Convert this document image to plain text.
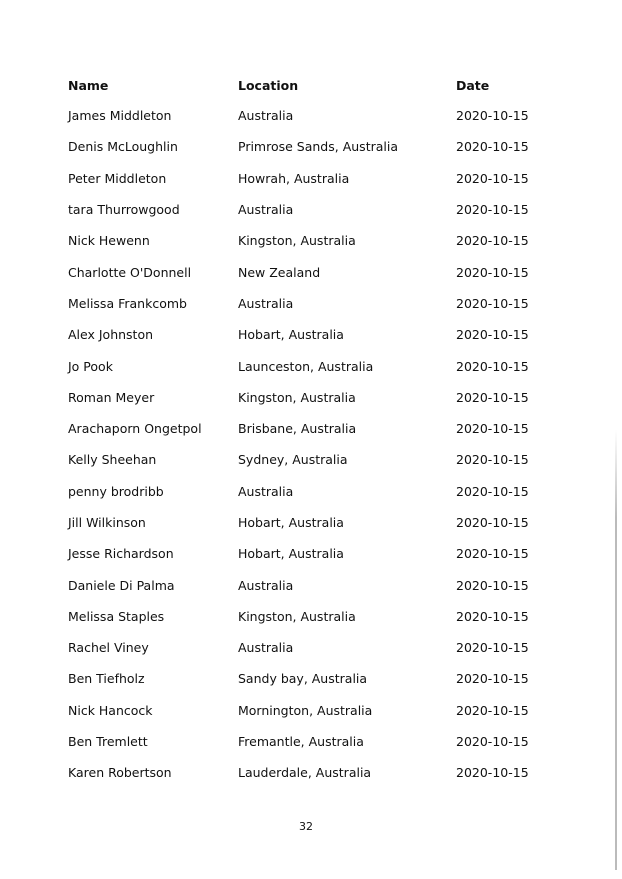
Name	Location	Date
James Middleton	Australia	2020-10-15
Denis McLoughlin	Primrose Sands, Australia	2020-10-15
Peter Middleton	Howrah, Australia	2020-10-15
tara Thurrowgood	Australia	2020-10-15
Nick Hewenn	Kingston, Australia	2020-10-15
Charlotte O'Donnell	New Zealand	2020-10-15
Melissa Frankcomb	Australia	2020-10-15
Alex Johnston	Hobart, Australia	2020-10-15
Jo Pook	Launceston, Australia	2020-10-15
Roman Meyer	Kingston, Australia	2020-10-15
Arachaporn Ongetpol	Brisbane, Australia	2020-10-15
Kelly Sheehan	Sydney, Australia	2020-10-15
penny brodribb	Australia	2020-10-15
Jill Wilkinson	Hobart, Australia	2020-10-15
Jesse Richardson	Hobart, Australia	2020-10-15
Daniele Di Palma	Australia	2020-10-15
Melissa Staples	Kingston, Australia	2020-10-15
Rachel Viney	Australia	2020-10-15
Ben Tiefholz	Sandy bay, Australia	2020-10-15
Nick Hancock	Mornington, Australia	2020-10-15
Ben Tremlett	Fremantle, Australia	2020-10-15
Karen Robertson	Lauderdale, Australia	2020-10-15
32
